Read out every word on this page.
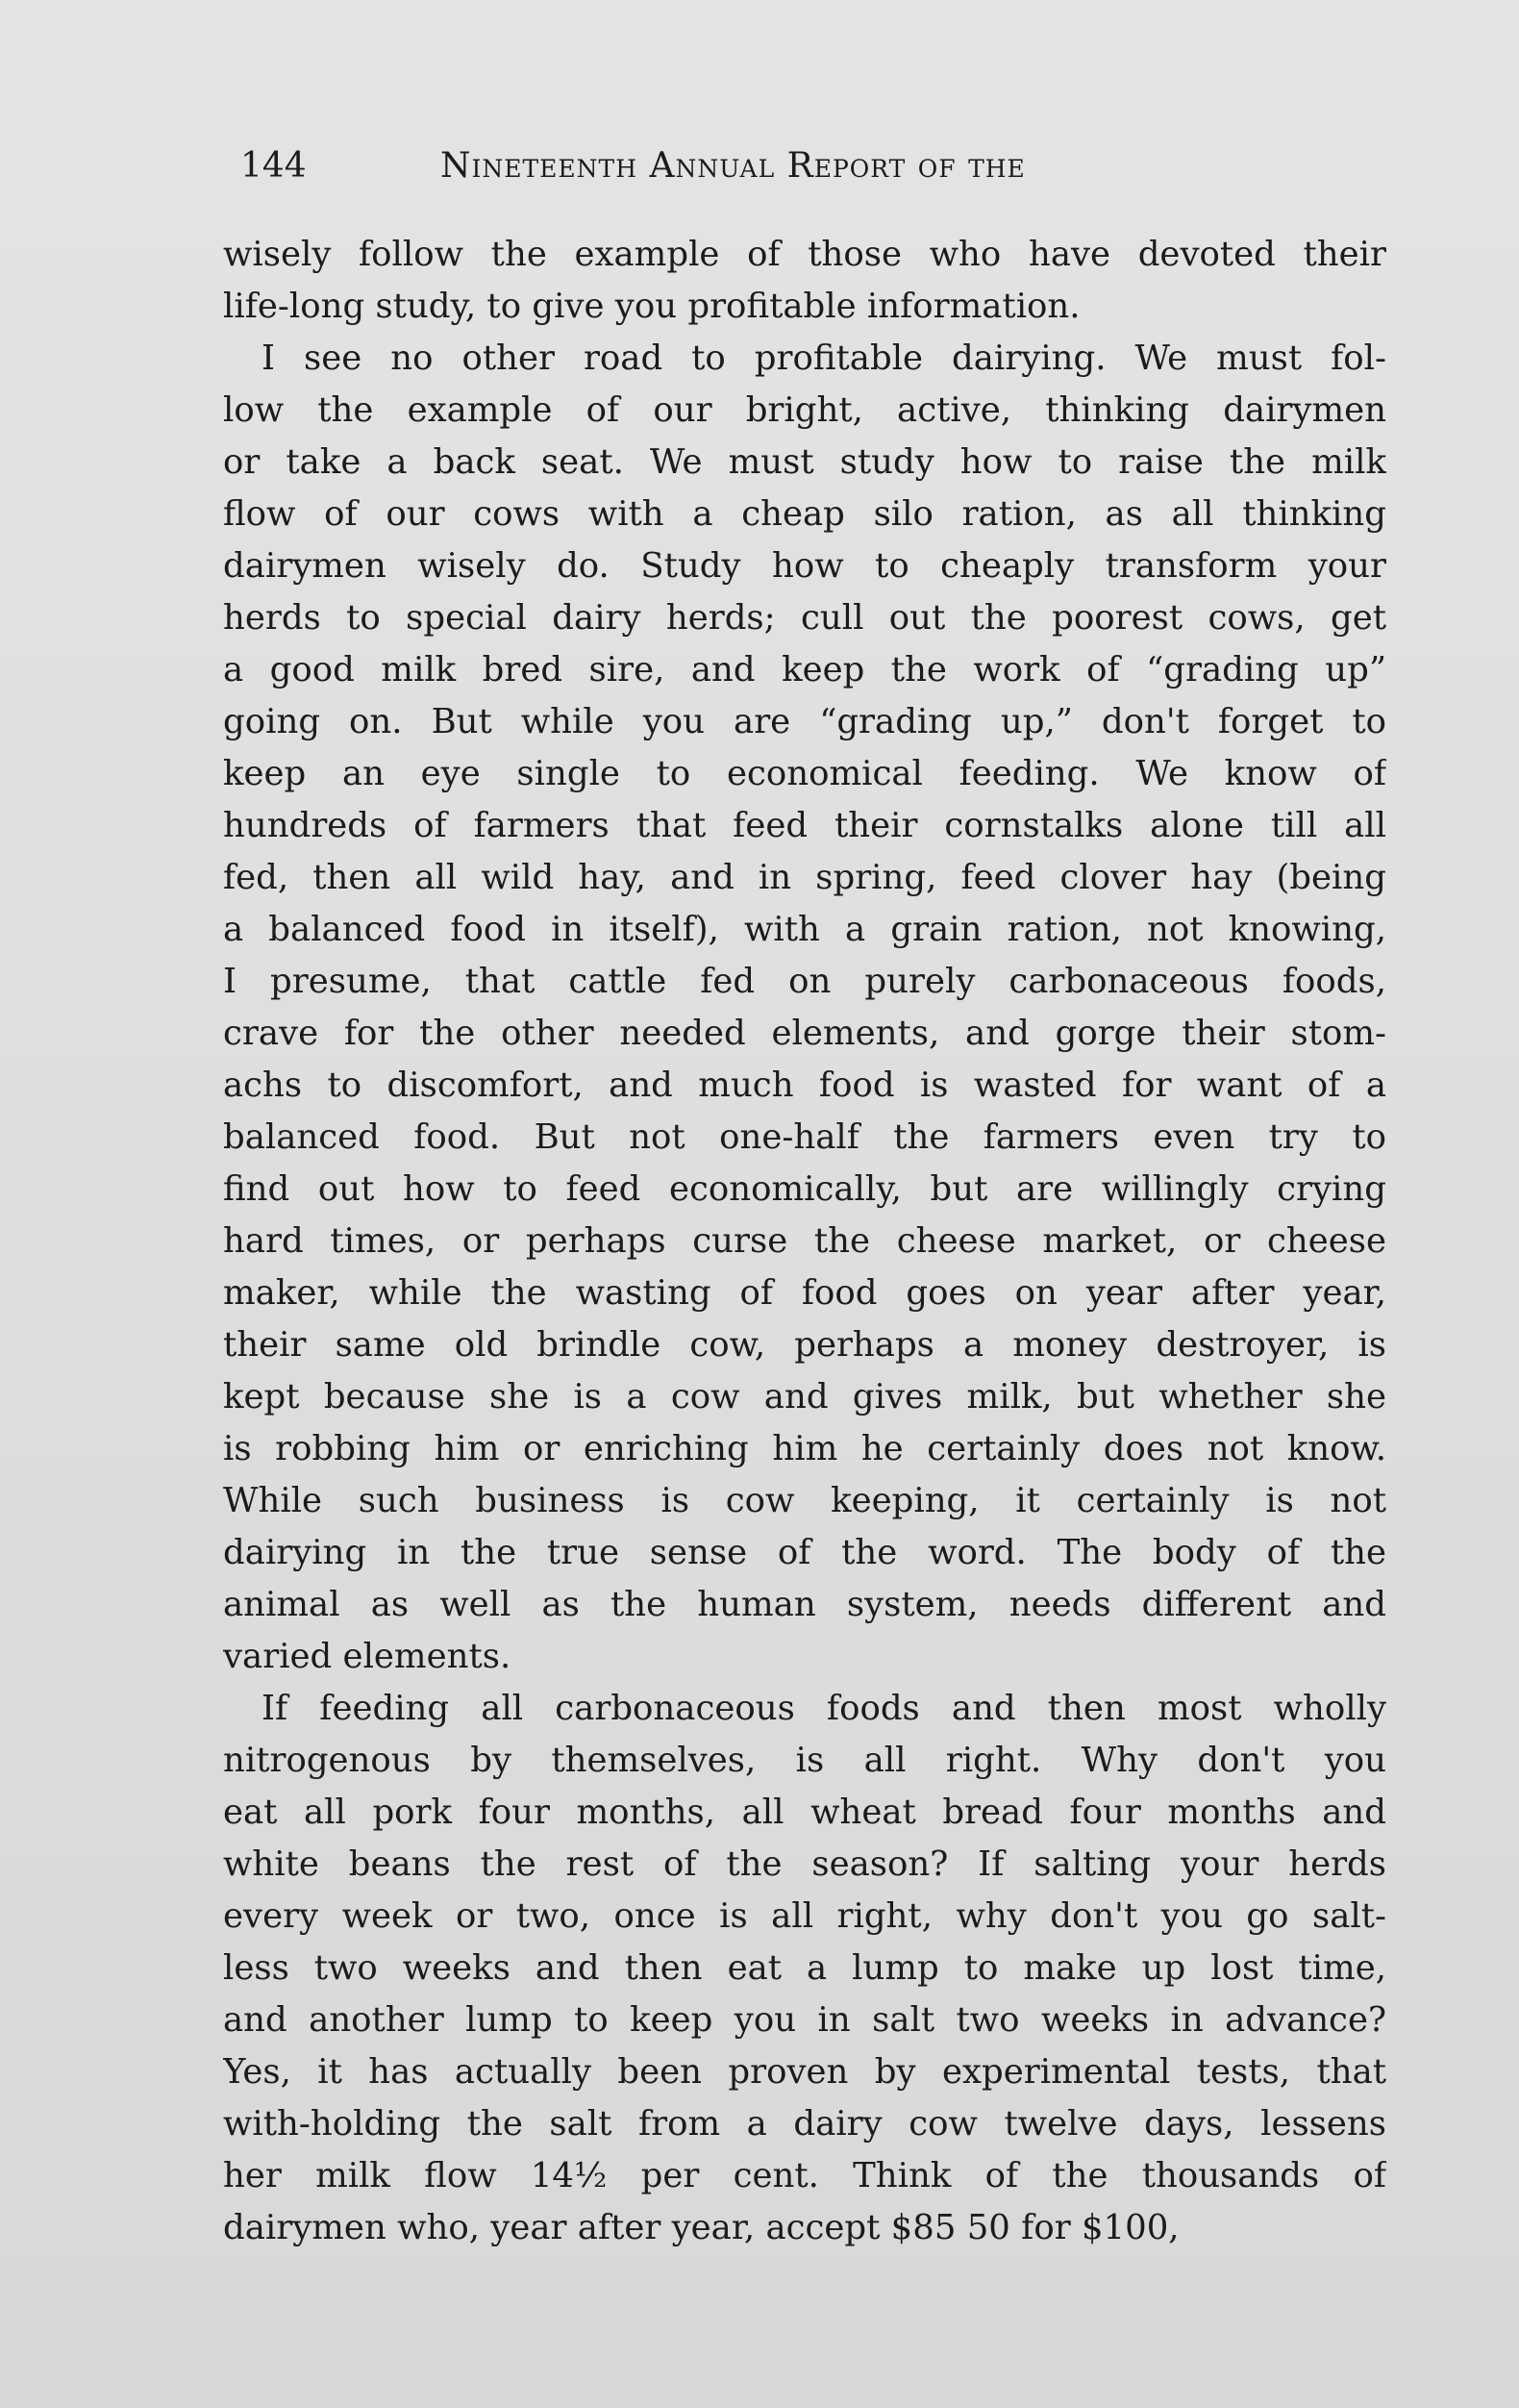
144	Nineteenth Annual Report of the
wisely follow the example of those who have devoted their
life-long study, to give you profitable information.
I see no other road to profitable dairying. We must fol-
low the example of our bright, active, thinking dairymen
or take a back seat. We must study how to raise the milk
flow of our cows with a cheap silo ration, as all thinking
dairymen wisely do. Study how to cheaply transform your
herds to special dairy herds; cull out the poorest cows, get
a good milk bred sire, and keep the work of “grading up”
going on. But while you are “grading up,” don't forget to
keep an eye single to economical feeding. We know of
hundreds of farmers that feed their cornstalks alone till all
fed, then all wild hay, and in spring, feed clover hay (being
a balanced food in itself), with a grain ration, not knowing,
I presume, that cattle fed on purely carbonaceous foods,
crave for the other needed elements, and gorge their stom-
achs to discomfort, and much food is wasted for want of a
balanced food. But not one-half the farmers even try to
find out how to feed economically, but are willingly crying
hard times, or perhaps curse the cheese market, or cheese
maker, while the wasting of food goes on year after year,
their same old brindle cow, perhaps a money destroyer, is
kept because she is a cow and gives milk, but whether she
is robbing him or enriching him he certainly does not know.
While such business is cow keeping, it certainly is not
dairying in the true sense of the word. The body of the
animal as well as the human system, needs different and
varied elements.
If feeding all carbonaceous foods and then most wholly
nitrogenous by themselves, is all right. Why don't you
eat all pork four months, all wheat bread four months and
white beans the rest of the season? If salting your herds
every week or two, once is all right, why don't you go salt-
less two weeks and then eat a lump to make up lost time,
and another lump to keep you in salt two weeks in advance?
Yes, it has actually been proven by experimental tests, that
with-holding the salt from a dairy cow twelve days, lessens
her milk flow 14½ per cent. Think of the thousands of
dairymen who, year after year, accept $85 50 for $100,
